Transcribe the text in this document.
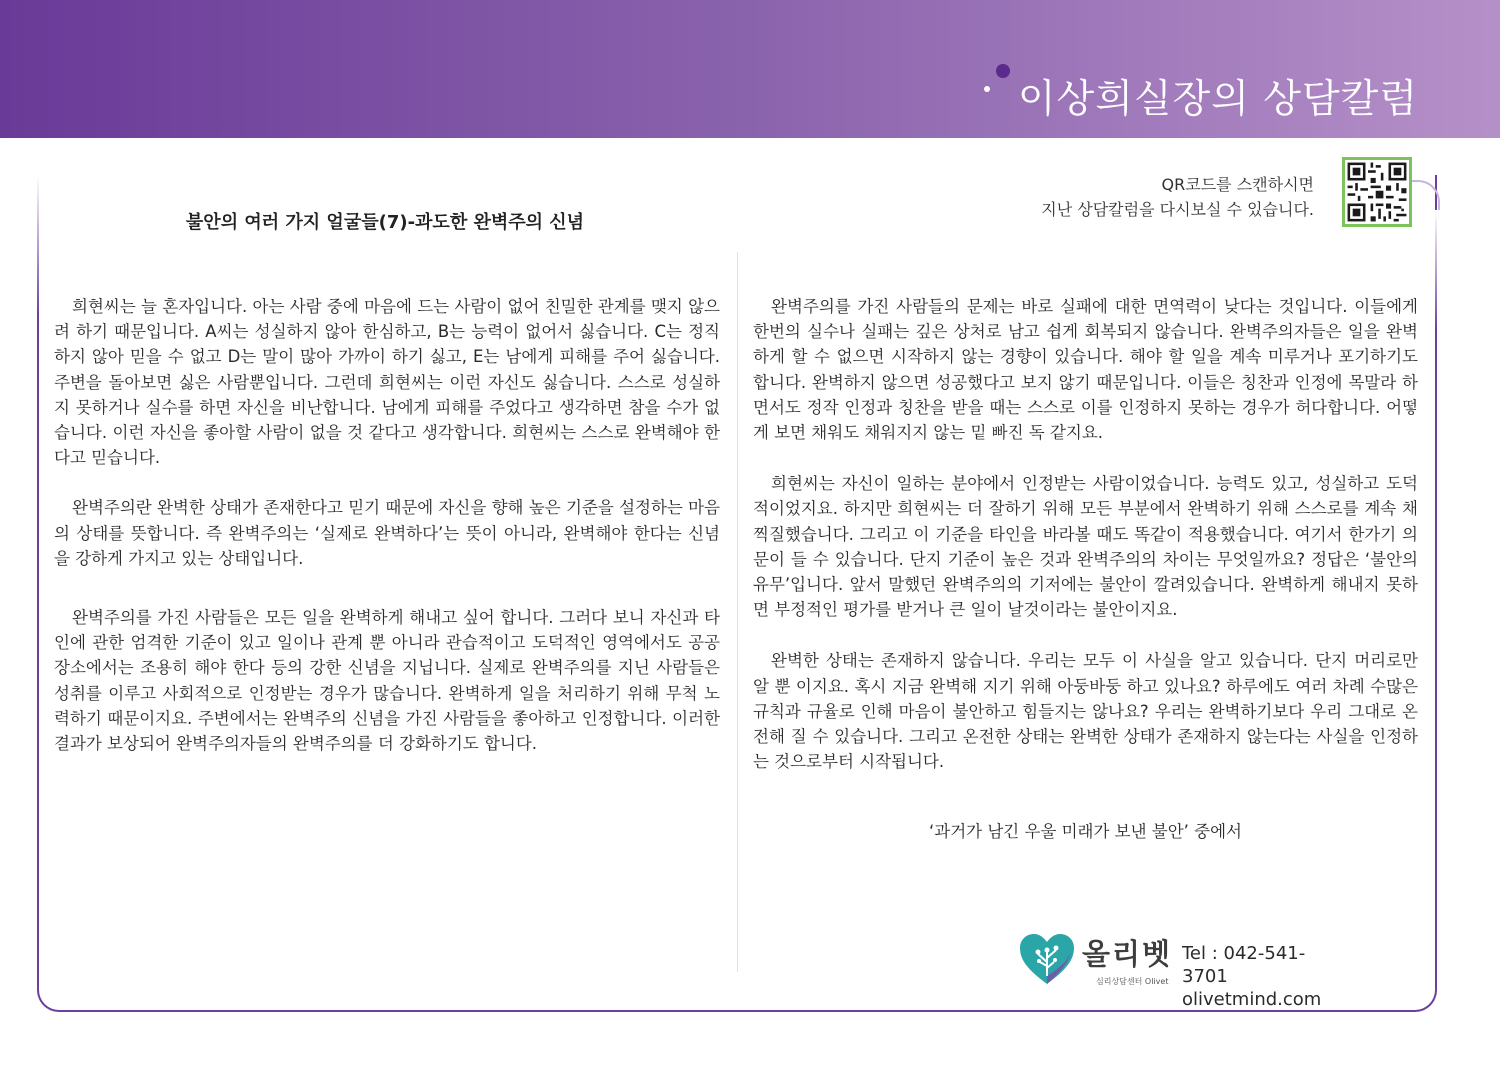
이상희실장의 상담칼럼
불안의 여러 가지 얼굴들(7)-과도한 완벽주의 신념
QR코드를 스캔하시면
지난 상담칼럼을 다시보실 수 있습니다.

희현씨는 늘 혼자입니다. 아는 사람 중에 마음에 드는 사람이 없어 친밀한 관계를 맺지 않으려 하기 때문입니다. A씨는 성실하지 않아 한심하고, B는 능력이 없어서 싫습니다. C는 정직하지 않아 믿을 수 없고 D는 말이 많아 가까이 하기 싫고, E는 남에게 피해를 주어 싫습니다. 주변을 돌아보면 싫은 사람뿐입니다. 그런데 희현씨는 이런 자신도 싫습니다. 스스로 성실하지 못하거나 실수를 하면 자신을 비난합니다. 남에게 피해를 주었다고 생각하면 참을 수가 없습니다. 이런 자신을 좋아할 사람이 없을 것 같다고 생각합니다. 희현씨는 스스로 완벽해야 한다고 믿습니다.

완벽주의란 완벽한 상태가 존재한다고 믿기 때문에 자신을 향해 높은 기준을 설정하는 마음의 상태를 뜻합니다. 즉 완벽주의는 ‘실제로 완벽하다’는 뜻이 아니라, 완벽해야 한다는 신념을 강하게 가지고 있는 상태입니다.

완벽주의를 가진 사람들은 모든 일을 완벽하게 해내고 싶어 합니다. 그러다 보니 자신과 타인에 관한 엄격한 기준이 있고 일이나 관계 뿐 아니라 관습적이고 도덕적인 영역에서도 공공장소에서는 조용히 해야 한다 등의 강한 신념을 지닙니다. 실제로 완벽주의를 지닌 사람들은 성취를 이루고 사회적으로 인정받는 경우가 많습니다. 완벽하게 일을 처리하기 위해 무척 노력하기 때문이지요. 주변에서는 완벽주의 신념을 가진 사람들을 좋아하고 인정합니다. 이러한 결과가 보상되어 완벽주의자들의 완벽주의를 더 강화하기도 합니다.

완벽주의를 가진 사람들의 문제는 바로 실패에 대한 면역력이 낮다는 것입니다. 이들에게 한번의 실수나 실패는 깊은 상처로 남고 쉽게 회복되지 않습니다. 완벽주의자들은 일을 완벽하게 할 수 없으면 시작하지 않는 경향이 있습니다. 해야 할 일을 계속 미루거나 포기하기도 합니다. 완벽하지 않으면 성공했다고 보지 않기 때문입니다. 이들은 칭찬과 인정에 목말라 하면서도 정작 인정과 칭찬을 받을 때는 스스로 이를 인정하지 못하는 경우가 허다합니다. 어떻게 보면 채워도 채워지지 않는 밑 빠진 독 같지요.

희현씨는 자신이 일하는 분야에서 인정받는 사람이었습니다. 능력도 있고, 성실하고 도덕적이었지요. 하지만 희현씨는 더 잘하기 위해 모든 부분에서 완벽하기 위해 스스로를 계속 채찍질했습니다. 그리고 이 기준을 타인을 바라볼 때도 똑같이 적용했습니다. 여기서 한가기 의문이 들 수 있습니다. 단지 기준이 높은 것과 완벽주의의 차이는 무엇일까요? 정답은 ‘불안의 유무’입니다. 앞서 말했던 완벽주의의 기저에는 불안이 깔려있습니다. 완벽하게 해내지 못하면 부정적인 평가를 받거나 큰 일이 날것이라는 불안이지요.

완벽한 상태는 존재하지 않습니다. 우리는 모두 이 사실을 알고 있습니다. 단지 머리로만 알 뿐 이지요. 혹시 지금 완벽해 지기 위해 아둥바둥 하고 있나요? 하루에도 여러 차례 수많은 규칙과 규율로 인해 마음이 불안하고 힘들지는 않나요? 우리는 완벽하기보다 우리 그대로 온전해 질 수 있습니다. 그리고 온전한 상태는 완벽한 상태가 존재하지 않는다는 사실을 인정하는 것으로부터 시작됩니다.

‘과거가 남긴 우울 미래가 보낸 불안’ 중에서
올리벳
심리상담센터 Olivet
Tel : 042-541-3701
olivetmind.com
